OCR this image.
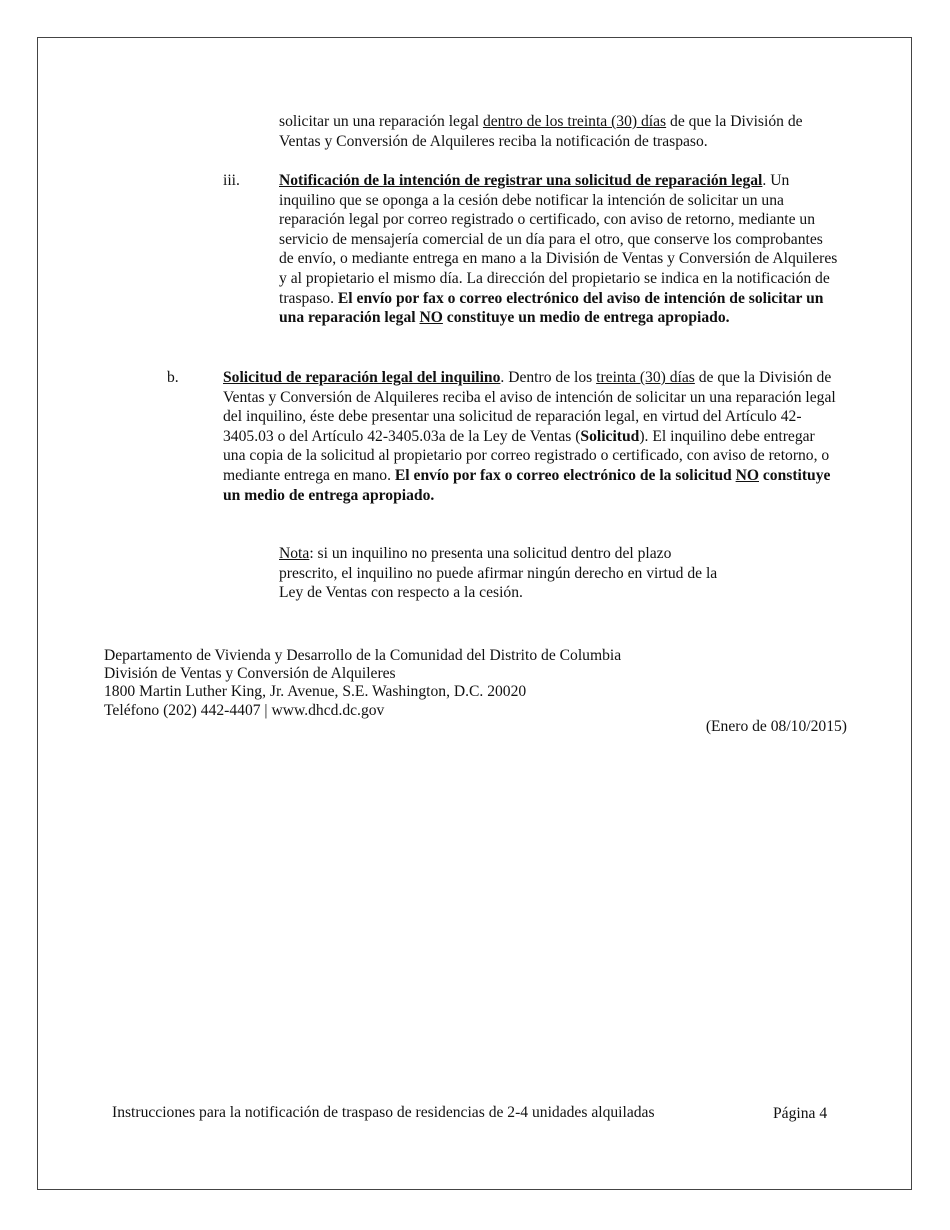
solicitar un una reparación legal dentro de los treinta (30) días de que la División de Ventas y Conversión de Alquileres reciba la notificación de traspaso.
iii.	Notificación de la intención de registrar una solicitud de reparación legal. Un inquilino que se oponga a la cesión debe notificar la intención de solicitar un una reparación legal por correo registrado o certificado, con aviso de retorno, mediante un servicio de mensajería comercial de un día para el otro, que conserve los comprobantes de envío, o mediante entrega en mano a la División de Ventas y Conversión de Alquileres y al propietario el mismo día. La dirección del propietario se indica en la notificación de traspaso. El envío por fax o correo electrónico del aviso de intención de solicitar un una reparación legal NO constituye un medio de entrega apropiado.
b.	Solicitud de reparación legal del inquilino. Dentro de los treinta (30) días de que la División de Ventas y Conversión de Alquileres reciba el aviso de intención de solicitar un una reparación legal del inquilino, éste debe presentar una solicitud de reparación legal, en virtud del Artículo 42-3405.03 o del Artículo 42-3405.03a de la Ley de Ventas (Solicitud). El inquilino debe entregar una copia de la solicitud al propietario por correo registrado o certificado, con aviso de retorno, o mediante entrega en mano. El envío por fax o correo electrónico de la solicitud NO constituye un medio de entrega apropiado.
Nota: si un inquilino no presenta una solicitud dentro del plazo prescrito, el inquilino no puede afirmar ningún derecho en virtud de la Ley de Ventas con respecto a la cesión.
Departamento de Vivienda y Desarrollo de la Comunidad del Distrito de Columbia
División de Ventas y Conversión de Alquileres
1800 Martin Luther King, Jr. Avenue, S.E. Washington, D.C. 20020
Teléfono (202) 442-4407 | www.dhcd.dc.gov
(Enero de 08/10/2015)
Instrucciones para la notificación de traspaso de residencias de 2-4 unidades alquiladas	Página 4
